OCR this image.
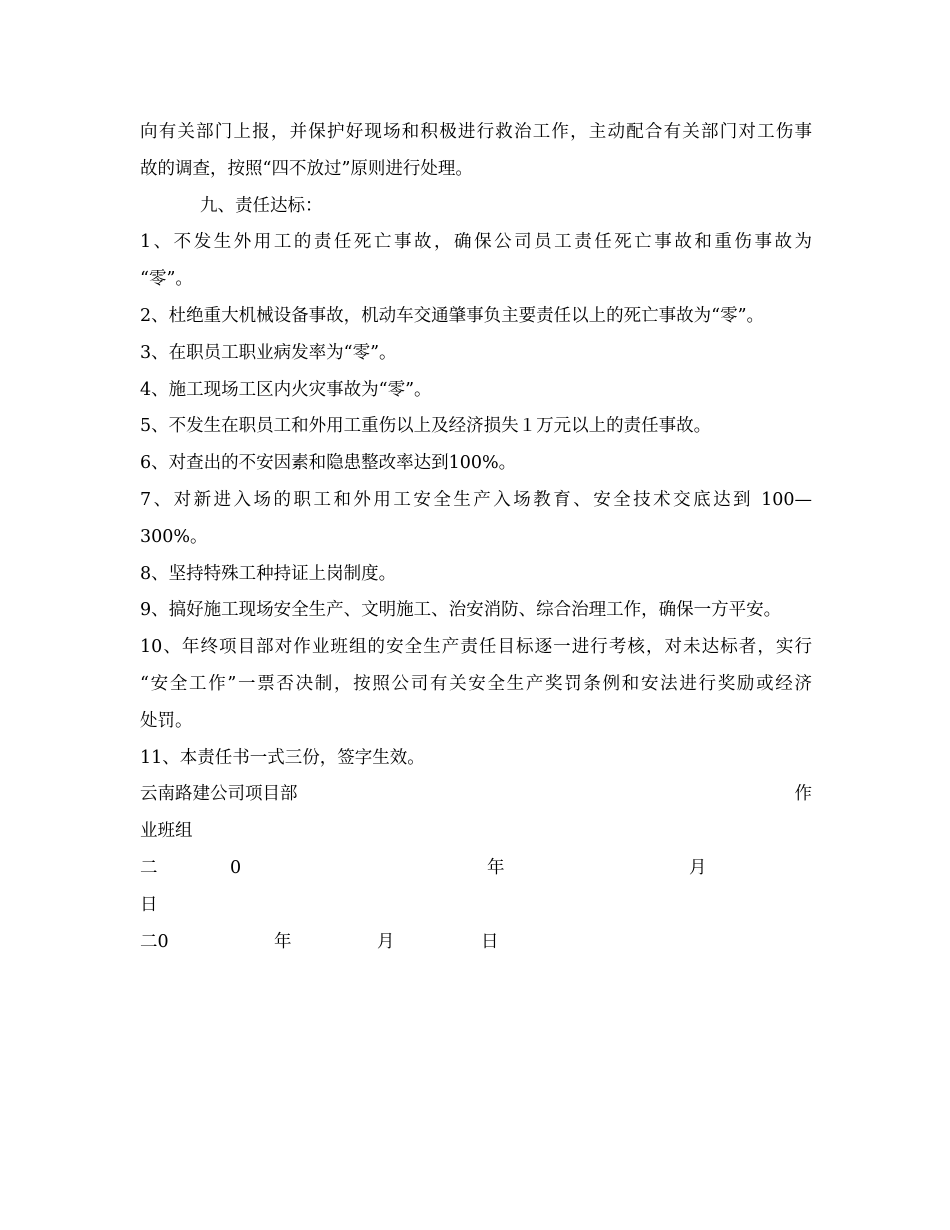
向有关部门上报，并保护好现场和积极进行救治工作，主动配合有关部门对工伤事
故的调查，按照“四不放过”原则进行处理。
九、责任达标：
1、不发生外用工的责任死亡事故，确保公司员工责任死亡事故和重伤事故为
“零”。
2、杜绝重大机械设备事故，机动车交通肇事负主要责任以上的死亡事故为“零”。
3、在职员工职业病发率为“零”。
4、施工现场工区内火灾事故为“零”。
5、不发生在职员工和外用工重伤以上及经济损失１万元以上的责任事故。
6、对查出的不安因素和隐患整改率达到100%。
7、对新进入场的职工和外用工安全生产入场教育、安全技术交底达到 100—
300%。
8、坚持特殊工种持证上岗制度。
9、搞好施工现场安全生产、文明施工、治安消防、综合治理工作，确保一方平安。
10、年终项目部对作业班组的安全生产责任目标逐一进行考核，对未达标者，实行
“安全工作”一票否决制，按照公司有关安全生产奖罚条例和安法进行奖励或经济
处罚。
11、本责任书一式三份，签字生效。
云南路建公司项目部	作
业班组
二	0	年	月
日
二0	年	月	日
